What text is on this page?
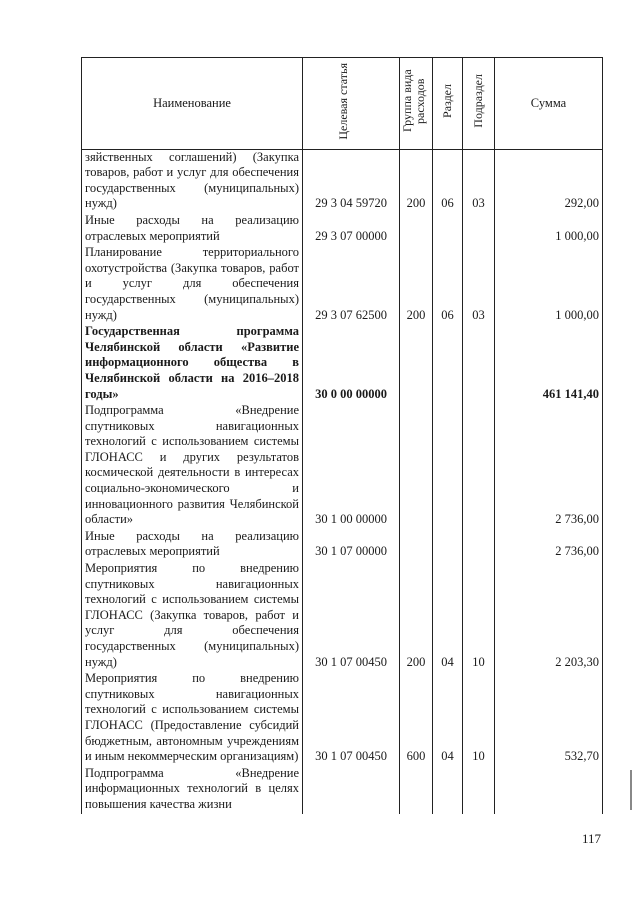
Наименование	Целевая статья	Группа вида расходов	Раздел	Подраздел	Сумма
зяйственных соглашений) (Закупка товаров, работ и услуг для обеспечения государственных (муниципальных) нужд)	29 3 04 59720	200	06	03	292,00
Иные расходы на реализацию отраслевых мероприятий	29 3 07 00000				1 000,00
Планирование территориального охотустройства (Закупка товаров, работ и услуг для обеспечения государственных (муниципальных) нужд)	29 3 07 62500	200	06	03	1 000,00
Государственная программа Челябинской области «Развитие информационного общества в Челябинской области на 2016–2018 годы»	30 0 00 00000				461 141,40
Подпрограмма «Внедрение спутниковых навигационных технологий с использованием системы ГЛОНАСС и других результатов космической деятельности в интересах социально-экономического и инновационного развития Челябинской области»	30 1 00 00000				2 736,00
Иные расходы на реализацию отраслевых мероприятий	30 1 07 00000				2 736,00
Мероприятия по внедрению спутниковых навигационных технологий с использованием системы ГЛОНАСС (Закупка товаров, работ и услуг для обеспечения государственных (муниципальных) нужд)	30 1 07 00450	200	04	10	2 203,30
Мероприятия по внедрению спутниковых навигационных технологий с использованием системы ГЛОНАСС (Предоставление субсидий бюджетным, автономным учреждениям и иным некоммерческим организациям)	30 1 07 00450	600	04	10	532,70
Подпрограмма «Внедрение информационных технологий в целях повышения качества жизни					
117
